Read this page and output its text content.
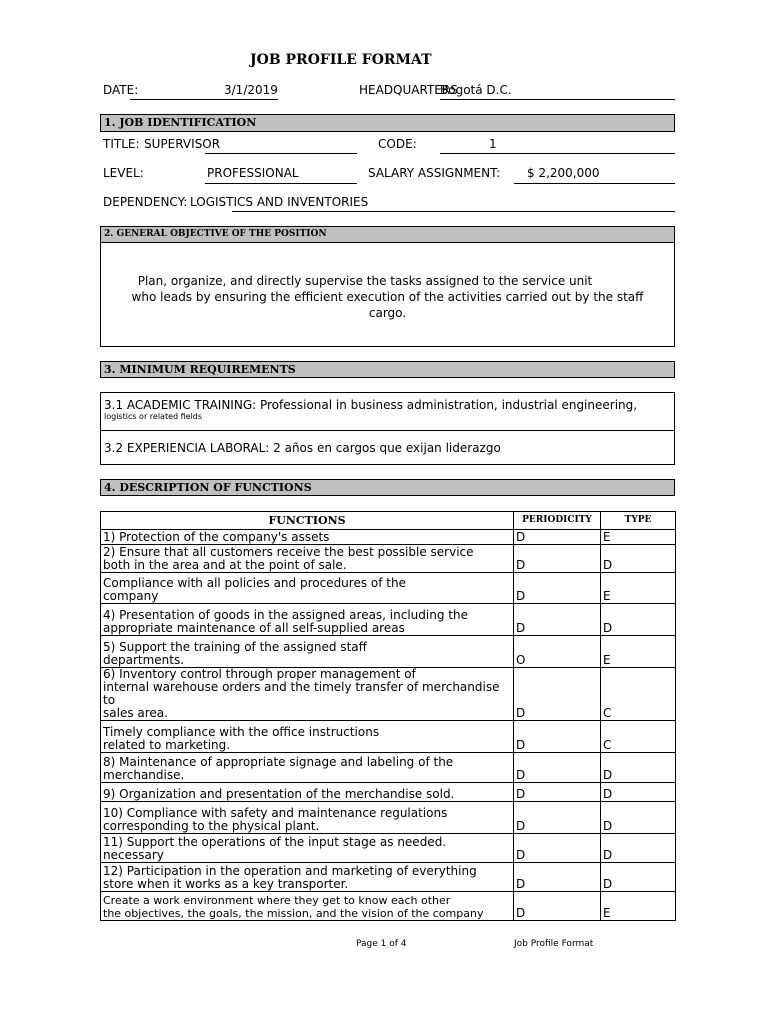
JOB PROFILE FORMAT
DATE:	3/1/2019	HEADQUARTERS
Bogotá D.C.
1. JOB IDENTIFICATION
TITLE: SUPERVISOR	CODE:	1
LEVEL:	PROFESSIONAL	SALARY ASSIGNMENT: $ 2,200,000
DEPENDENCY: LOGISTICS AND INVENTORIES
2. GENERAL OBJECTIVE OF THE POSITION
Plan, organize, and directly supervise the tasks assigned to the service unit
who leads by ensuring the efficient execution of the activities carried out by the staff
cargo.
3. MINIMUM REQUIREMENTS
3.1 ACADEMIC TRAINING: Professional in business administration, industrial engineering,
logistics or related fields
3.2 EXPERIENCIA LABORAL: 2 años en cargos que exijan liderazgo
4. DESCRIPTION OF FUNCTIONS
FUNCTIONS	PERIODICITY	TYPE
1) Protection of the company's assets	D	E
2) Ensure that all customers receive the best possible service
both in the area and at the point of sale.	D	D
Compliance with all policies and procedures of the
company	D	E
4) Presentation of goods in the assigned areas, including the
appropriate maintenance of all self-supplied areas	D	D
5) Support the training of the assigned staff
departments.	O	E
6) Inventory control through proper management of
internal warehouse orders and the timely transfer of merchandise to
sales area.	D	C
Timely compliance with the office instructions
related to marketing.	D	C
8) Maintenance of appropriate signage and labeling of the
merchandise.	D	D
9) Organization and presentation of the merchandise sold.	D	D
10) Compliance with safety and maintenance regulations
corresponding to the physical plant.	D	D
11) Support the operations of the input stage as needed.
necessary	D	D
12) Participation in the operation and marketing of everything
store when it works as a key transporter.	D	D
Create a work environment where they get to know each other
the objectives, the goals, the mission, and the vision of the company	D	E
Page 1 of 4	Job Profile Format
